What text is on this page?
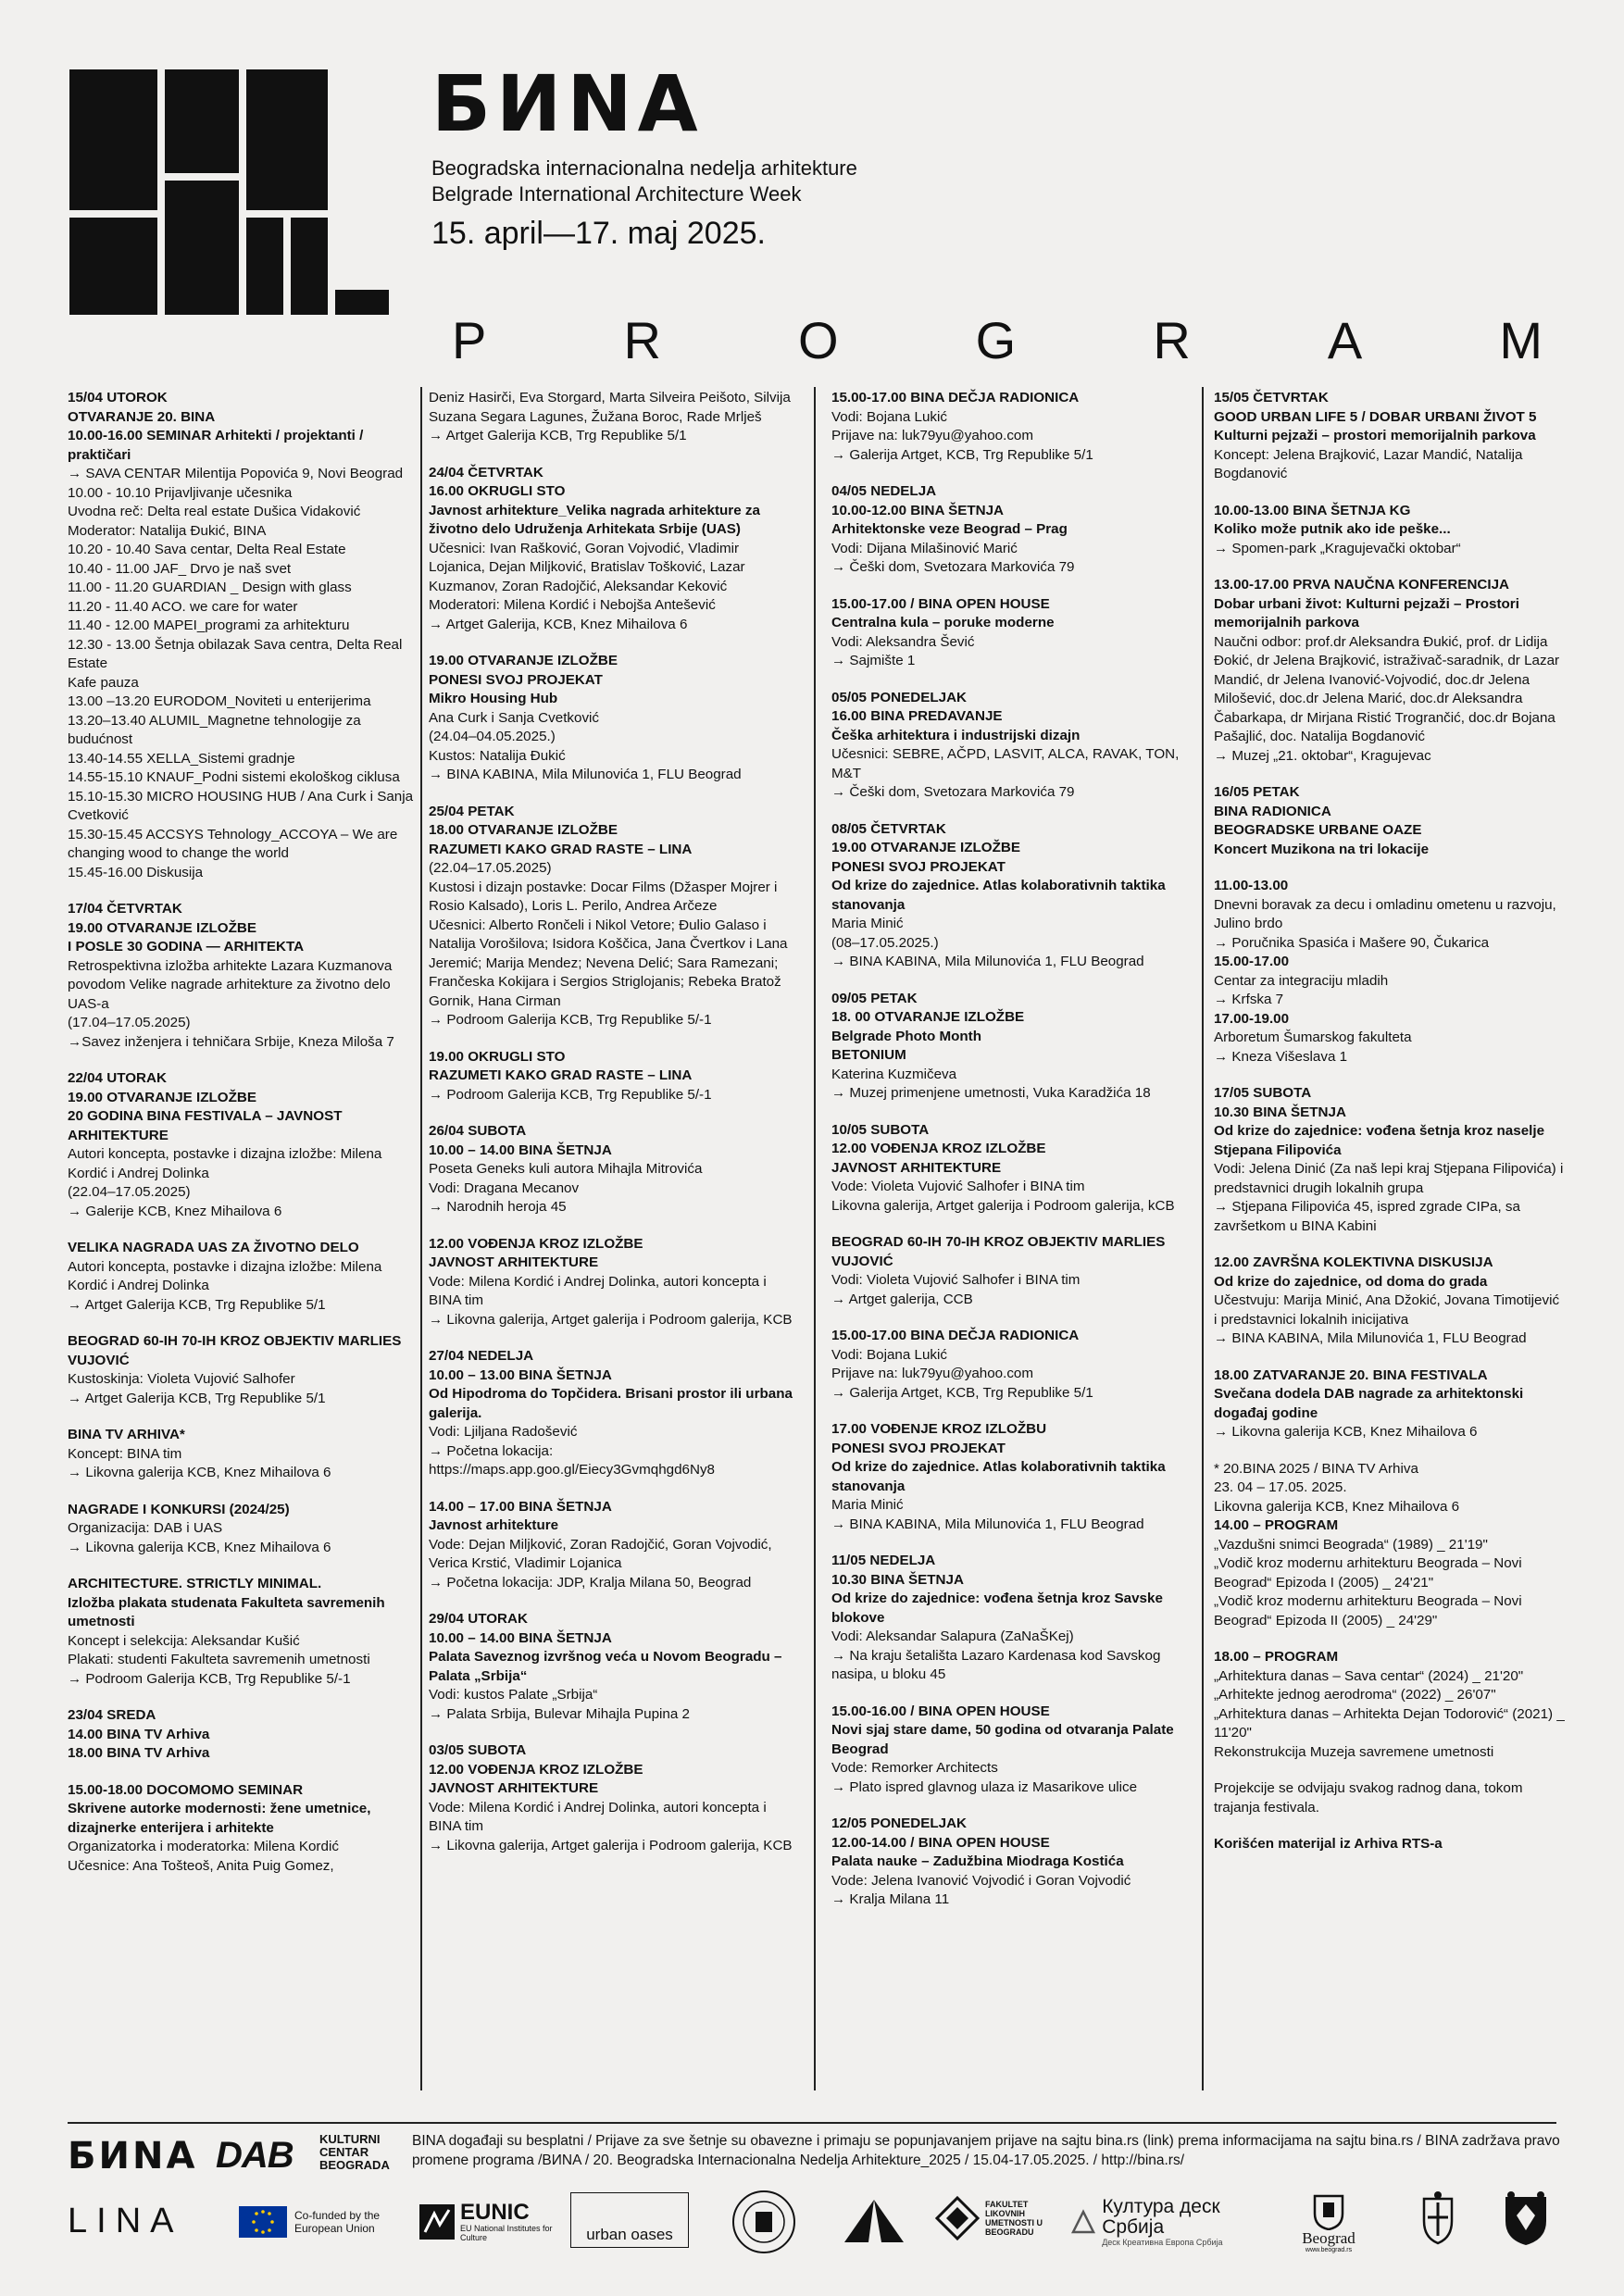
БИNА
Beogradska internacionalna nedelja arhitekture
Belgrade International Architecture Week
15. april—17. maj 2025.
P	R	O	G	R	A	M
15/04 UTOROK
OTVARANJE 20. BINA
10.00-16.00 SEMINAR Arhitekti / projektanti / praktičari
→ SAVA CENTAR Milentija Popovića 9, Novi Beograd
10.00 - 10.10 Prijavljivanje učesnika
Uvodna reč: Delta real estate Dušica Vidaković
Moderator: Natalija Đukić, BINA
10.20 - 10.40 Sava centar, Delta Real Estate
10.40 - 11.00 JAF_ Drvo je naš svet
11.00 - 11.20 GUARDIAN _ Design with glass
11.20 - 11.40 ACO. we care for water
11.40 - 12.00 MAPEI_programi za arhitekturu
12.30 - 13.00 Šetnja obilazak Sava centra, Delta Real Estate
Kafe pauza
13.00 –13.20 EURODOM_Noviteti u enterijerima
13.20–13.40 ALUMIL_Magnetne tehnologije za budućnost
13.40-14.55 XELLA_Sistemi gradnje
14.55-15.10 KNAUF_Podni sistemi ekološkog ciklusa
15.10-15.30 MICRO HOUSING HUB / Ana Curk i Sanja Cvetković
15.30-15.45 ACCSYS Tehnology_ACCOYA – We are changing wood to change the world
15.45-16.00 Diskusija
17/04 ČETVRTAK
19.00 OTVARANJE IZLOŽBE
I POSLE 30 GODINA — ARHITEKTA
Retrospektivna izložba arhitekte Lazara Kuzmanova povodom Velike nagrade arhitekture za životno delo UAS-a
(17.04–17.05.2025)
→Savez inženjera i tehničara Srbije, Kneza Miloša 7
22/04 UTORAK
19.00 OTVARANJE IZLOŽBE
20 GODINA BINA FESTIVALA – JAVNOST ARHITEKTURE
Autori koncepta, postavke i dizajna izložbe: Milena Kordić i Andrej Dolinka
(22.04–17.05.2025)
→ Galerije KCB, Knez Mihailova 6
VELIKA NAGRADA UAS ZA ŽIVOTNO DELO
Autori koncepta, postavke i dizajna izložbe: Milena Kordić i Andrej Dolinka
→ Artget Galerija KCB, Trg Republike 5/1
BEOGRAD 60-IH 70-IH KROZ OBJEKTIV MARLIES VUJOVIĆ
Kustoskinja: Violeta Vujović Salhofer
→ Artget Galerija KCB, Trg Republike 5/1
BINA TV ARHIVA*
Koncept: BINA tim
→ Likovna galerija KCB, Knez Mihailova 6
NAGRADE I KONKURSI (2024/25)
Organizacija: DAB i UAS
→ Likovna galerija KCB, Knez Mihailova 6
ARCHITECTURE. STRICTLY MINIMAL.
Izložba plakata studenata Fakulteta savremenih umetnosti
Koncept i selekcija: Aleksandar Kušić
Plakati: studenti Fakulteta savremenih umetnosti
→ Podroom Galerija KCB, Trg Republike 5/-1
23/04 SREDA
14.00 BINA TV Arhiva
18.00 BINA TV Arhiva
15.00-18.00 DOCOMOMO SEMINAR
Skrivene autorke modernosti: žene umetnice, dizajnerke enterijera i arhitekte
Organizatorka i moderatorka: Milena Kordić
Učesnice: Ana Tošteoš, Anita Puig Gomez,
Deniz Hasirči, Eva Storgard, Marta Silveira Peišoto, Silvija Suzana Segara Lagunes, Žužana Boroc, Rade Mrlješ
→ Artget Galerija KCB, Trg Republike 5/1
24/04 ČETVRTAK
16.00 OKRUGLI STO
Javnost arhitekture_Velika nagrada arhitekture za životno delo Udruženja Arhitekata Srbije (UAS)
Učesnici: Ivan Rašković, Goran Vojvodić, Vladimir Lojanica, Dejan Miljković, Bratislav Tošković, Lazar Kuzmanov, Zoran Radojčić, Aleksandar Keković
Moderatori: Milena Kordić i Nebojša Antešević
→ Artget Galerija, KCB, Knez Mihailova 6
19.00 OTVARANJE IZLOŽBE
PONESI SVOJ PROJEKAT
Mikro Housing Hub
Ana Curk i Sanja Cvetković
(24.04–04.05.2025.)
Kustos: Natalija Đukić
→ BINA KABINA, Mila Milunovića 1, FLU Beograd
25/04 PETAK
18.00 OTVARANJE IZLOŽBE
RAZUMETI KAKO GRAD RASTE – LINA
(22.04–17.05.2025)
Kustosi i dizajn postavke: Docar Films (Džasper Mojrer i Rosio Kalsado), Loris L. Perilo, Andrea Arčeze
Učesnici: Alberto Rončeli i Nikol Vetore; Đulio Galaso i Natalija Vorošilova; Isidora Koščica, Jana Čvertkov i Lana Jeremić; Marija Mendez; Nevena Delić; Sara Ramezani; Frančeska Kokijara i Sergios Striglojanis; Rebeka Bratož Gornik, Hana Cirman
→ Podroom Galerija KCB, Trg Republike 5/-1
19.00 OKRUGLI STO
RAZUMETI KAKO GRAD RASTE – LINA
→ Podroom Galerija KCB, Trg Republike 5/-1
26/04 SUBOTA
10.00 – 14.00 BINA ŠETNJA
Poseta Geneks kuli autora Mihajla Mitrovića
Vodi: Dragana Mecanov
→ Narodnih heroja 45
12.00 VOĐENJA KROZ IZLOŽBE
JAVNOST ARHITEKTURE
Vode: Milena Kordić i Andrej Dolinka, autori koncepta i BINA tim
→ Likovna galerija, Artget galerija i Podroom galerija, KCB
27/04 NEDELJA
10.00 – 13.00 BINA ŠETNJA
Od Hipodroma do Topčidera. Brisani prostor ili urbana galerija.
Vodi: Ljiljana Radošević
→ Početna lokacija: https://maps.app.goo.gl/Eiecy3Gvmqhgd6Ny8
14.00 – 17.00 BINA ŠETNJA
Javnost arhitekture
Vode: Dejan Miljković, Zoran Radojčić, Goran Vojvodić, Verica Krstić, Vladimir Lojanica
→ Početna lokacija: JDP, Kralja Milana 50, Beograd
29/04 UTORAK
10.00 – 14.00 BINA ŠETNJA
Palata Saveznog izvršnog veća u Novom Beogradu – Palata „Srbija“
Vodi: kustos Palate „Srbija“
→ Palata Srbija, Bulevar Mihajla Pupina 2
03/05 SUBOTA
12.00 VOĐENJA KROZ IZLOŽBE
JAVNOST ARHITEKTURE
Vode: Milena Kordić i Andrej Dolinka, autori koncepta i BINA tim
→ Likovna galerija, Artget galerija i Podroom galerija, KCB
15.00-17.00 BINA DEČJA RADIONICA
Vodi: Bojana Lukić
Prijave na: luk79yu@yahoo.com
→ Galerija Artget, KCB, Trg Republike 5/1
04/05 NEDELJA
10.00-12.00 BINA ŠETNJA
Arhitektonske veze Beograd – Prag
Vodi: Dijana Milašinović Marić
→ Češki dom, Svetozara Markovića 79
15.00-17.00 / BINA OPEN HOUSE
Centralna kula – poruke moderne
Vodi: Aleksandra Šević
→ Sajmište 1
05/05 PONEDELJAK
16.00 BINA PREDAVANJE
Češka arhitektura i industrijski dizajn
Učesnici: SEBRE, AČPD, LASVIT, ALCA, RAVAK, TON, M&T
→ Češki dom, Svetozara Markovića 79
08/05 ČETVRTAK
19.00 OTVARANJE IZLOŽBE
PONESI SVOJ PROJEKAT
Od krize do zajednice. Atlas kolaborativnih taktika stanovanja
Maria Minić
(08–17.05.2025.)
→ BINA KABINA, Mila Milunovića 1, FLU Beograd
09/05 PETAK
18. 00 OTVARANJE IZLOŽBE
Belgrade Photo Month
BETONIUM
Katerina Kuzmičeva
→ Muzej primenjene umetnosti, Vuka Karadžića 18
10/05 SUBOTA
12.00 VOĐENJA KROZ IZLOŽBE
JAVNOST ARHITEKTURE
Vode: Violeta Vujović Salhofer i BINA tim
Likovna galerija, Artget galerija i Podroom galerija, kCB
BEOGRAD 60-IH 70-IH KROZ OBJEKTIV MARLIES VUJOVIĆ
Vodi: Violeta Vujović Salhofer i BINA tim
→ Artget galerija, CCB
15.00-17.00 BINA DEČJA RADIONICA
Vodi: Bojana Lukić
Prijave na: luk79yu@yahoo.com
→ Galerija Artget, KCB, Trg Republike 5/1
17.00 VOĐENJE KROZ IZLOŽBU
PONESI SVOJ PROJEKAT
Od krize do zajednice. Atlas kolaborativnih taktika stanovanja
Maria Minić
→ BINA KABINA, Mila Milunovića 1, FLU Beograd
11/05 NEDELJA
10.30 BINA ŠETNJA
Od krize do zajednice: vođena šetnja kroz Savske blokove
Vodi: Aleksandar Salapura (ZaNaŠKej)
→ Na kraju šetališta Lazaro Kardenasa kod Savskog nasipa, u bloku 45
15.00-16.00 / BINA OPEN HOUSE
Novi sjaj stare dame, 50 godina od otvaranja Palate Beograd
Vode: Remorker Architects
→ Plato ispred glavnog ulaza iz Masarikove ulice
12/05 PONEDELJAK
12.00-14.00 / BINA OPEN HOUSE
Palata nauke – Zadužbina Miodraga Kostića
Vode: Jelena Ivanović Vojvodić i Goran Vojvodić
→ Kralja Milana 11
15/05 ČETVRTAK
GOOD URBAN LIFE 5 / DOBAR URBANI ŽIVOT 5
Kulturni pejzaži – prostori memorijalnih parkova
Koncept: Jelena Brajković, Lazar Mandić, Natalija Bogdanović
10.00-13.00 BINA ŠETNJA KG
Koliko može putnik ako ide peške...
→ Spomen-park „Kragujevački oktobar“
13.00-17.00 PRVA NAUČNA KONFERENCIJA
Dobar urbani život: Kulturni pejzaži – Prostori memorijalnih parkova
Naučni odbor: prof.dr Aleksandra Đukić, prof. dr Lidija Đokić, dr Jelena Brajković, istraživač-saradnik, dr Lazar Mandić, dr Jelena Ivanović-Vojvodić, doc.dr Jelena Milošević, doc.dr Jelena Marić, doc.dr Aleksandra Čabarkapa, dr Mirjana Ristić Trogrančić, doc.dr Bojana Pašajlić, doc. Natalija Bogdanović
→ Muzej „21. oktobar“, Kragujevac
16/05 PETAK
BINA RADIONICA
BEOGRADSKE URBANE OAZE
Koncert Muzikona na tri lokacije
11.00-13.00
Dnevni boravak za decu i omladinu ometenu u razvoju, Julino brdo
→ Poručnika Spasića i Mašere 90, Čukarica
15.00-17.00
Centar za integraciju mladih
→ Krfska 7
17.00-19.00
Arboretum Šumarskog fakulteta
→ Kneza Višeslava 1
17/05 SUBOTA
10.30 BINA ŠETNJA
Od krize do zajednice: vođena šetnja kroz naselje Stjepana Filipovića
Vodi: Jelena Dinić (Za naš lepi kraj Stjepana Filipovića) i predstavnici drugih lokalnih grupa
→ Stjepana Filipovića 45, ispred zgrade CIPa, sa završetkom u BINA Kabini
12.00 ZAVRŠNA KOLEKTIVNA DISKUSIJA
Od krize do zajednice, od doma do grada
Učestvuju: Marija Minić, Ana Džokić, Jovana Timotijević i predstavnici lokalnih inicijativa
→ BINA KABINA, Mila Milunovića 1, FLU Beograd
18.00 ZATVARANJE 20. BINA FESTIVALA
Svečana dodela DAB nagrade za arhitektonski događaj godine
→ Likovna galerija KCB, Knez Mihailova 6
* 20.BINA 2025 / BINA TV Arhiva
23. 04 – 17.05. 2025.
Likovna galerija KCB, Knez Mihailova 6
14.00 – PROGRAM
„Vazdušni snimci Beograda“ (1989) _ 21'19"
„Vodič kroz modernu arhitekturu Beograda – Novi Beograd“ Epizoda I (2005) _ 24'21"
„Vodič kroz modernu arhitekturu Beograda – Novi Beograd“ Epizoda II (2005) _ 24'29"
18.00 – PROGRAM
„Arhitektura danas – Sava centar“ (2024) _ 21'20"
„Arhitekte jednog aerodroma“ (2022) _ 26'07"
„Arhitektura danas – Arhitekta Dejan Todorović“ (2021) _ 11'20"
Rekonstrukcija Muzeja savremene umetnosti
Projekcije se odvijaju svakog radnog dana, tokom trajanja festivala.
Korišćen materijal iz Arhiva RTS-a
БИNА DAB KULTURNI CENTAR BEOGRADA
BINA događaji su besplatni / Prijave za sve šetnje su obavezne i primaju se popunjavanjem prijave na sajtu bina.rs (link) prema informacijama na sajtu bina.rs / BINA zadržava pravo promene programa /BИNA / 20. Beogradska Internacionalna Nedelja Arhitekture_2025 / 15.04-17.05.2025. / http://bina.rs/
LINA	Co-funded by the European Union
EUNIC
EU National Institutes for Culture	urban oases
FAKULTET LIKOVNIH UMETNOSTI U BEOGRADU
Култура деск Србија
Деск Креативна Европа Србија	Beograd
www.beograd.rs
